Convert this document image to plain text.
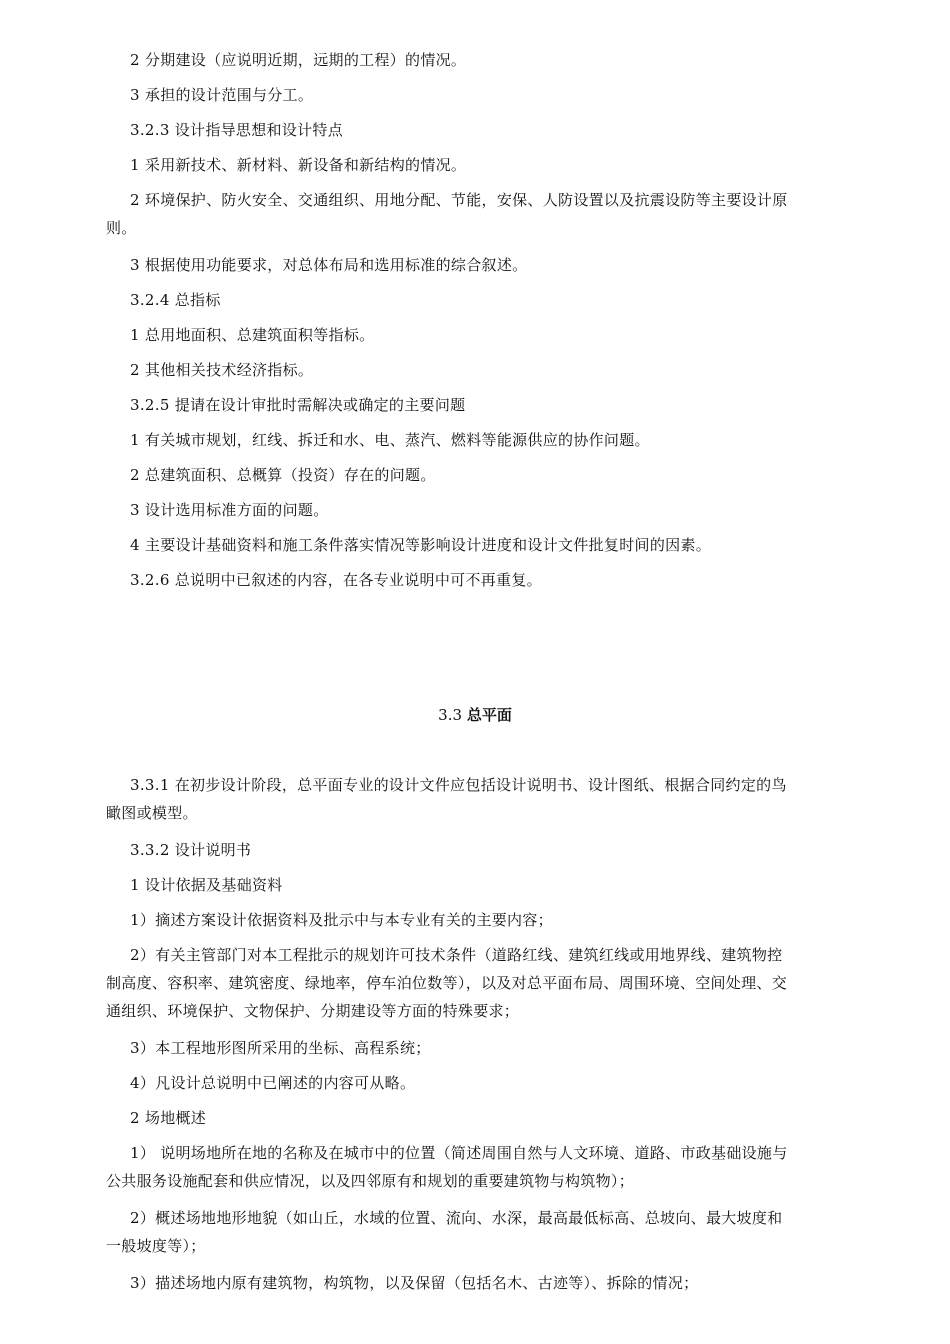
2 分期建设（应说明近期，远期的工程）的情况。
3 承担的设计范围与分工。
3.2.3 设计指导思想和设计特点
1 采用新技术、新材料、新设备和新结构的情况。
2 环境保护、防火安全、交通组织、用地分配、节能，安保、人防设置以及抗震设防等主要设计原
则。
3 根据使用功能要求，对总体布局和选用标准的综合叙述。
3.2.4 总指标
1 总用地面积、总建筑面积等指标。
2 其他相关技术经济指标。
3.2.5 提请在设计审批时需解决或确定的主要问题
1 有关城市规划，红线、拆迁和水、电、蒸汽、燃料等能源供应的协作问题。
2 总建筑面积、总概算（投资）存在的问题。
3 设计选用标准方面的问题。
4 主要设计基础资料和施工条件落实情况等影响设计进度和设计文件批复时间的因素。
3.2.6 总说明中已叙述的内容，在各专业说明中可不再重复。
3.3 总平面
3.3.1 在初步设计阶段，总平面专业的设计文件应包括设计说明书、设计图纸、根据合同约定的鸟
瞰图或模型。
3.3.2 设计说明书
1 设计依据及基础资料
1）摘述方案设计依据资料及批示中与本专业有关的主要内容；
2）有关主管部门对本工程批示的规划许可技术条件（道路红线、建筑红线或用地界线、建筑物控
制高度、容积率、建筑密度、绿地率，停车泊位数等），以及对总平面布局、周围环境、空间处理、交
通组织、环境保护、文物保护、分期建设等方面的特殊要求；
3）本工程地形图所采用的坐标、高程系统；
4）凡设计总说明中已阐述的内容可从略。
2 场地概述
1） 说明场地所在地的名称及在城市中的位置（简述周围自然与人文环境、道路、市政基础设施与
公共服务设施配套和供应情况，以及四邻原有和规划的重要建筑物与构筑物）；
2）概述场地地形地貌（如山丘，水域的位置、流向、水深，最高最低标高、总坡向、最大坡度和
一般坡度等）；
3）描述场地内原有建筑物，构筑物，以及保留（包括名木、古迹等）、拆除的情况；
